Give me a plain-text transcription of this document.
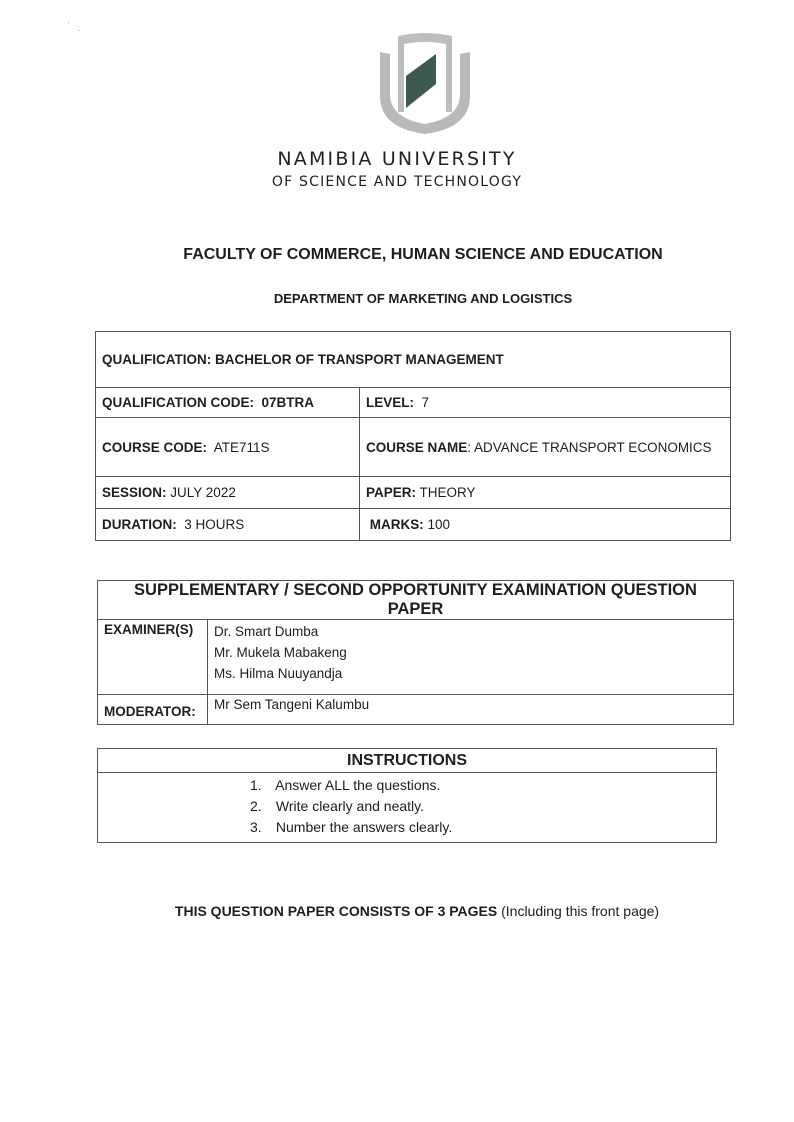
NAMIBIA UNIVERSITY
OF SCIENCE AND TECHNOLOGY
FACULTY OF COMMERCE, HUMAN SCIENCE AND EDUCATION
DEPARTMENT OF MARKETING AND LOGISTICS
QUALIFICATION: BACHELOR OF TRANSPORT MANAGEMENT	
QUALIFICATION CODE: 07BTRA	LEVEL: 7
COURSE CODE: ATE711S	COURSE NAME: ADVANCE TRANSPORT ECONOMICS
SESSION: JULY 2022	PAPER: THEORY
DURATION: 3 HOURS	MARKS: 100
SUPPLEMENTARY / SECOND OPPORTUNITY EXAMINATION QUESTION PAPER	
EXAMINER(S)	Dr. Smart Dumba
Mr. Mukela Mabakeng
Ms. Hilma Nuuyandja

MODERATOR:	Mr Sem Tangeni Kalumbu
INSTRUCTIONS

1. Answer ALL the questions.
2. Write clearly and neatly.
3. Number the answers clearly.
THIS QUESTION PAPER CONSISTS OF 3 PAGES (Including this front page)
